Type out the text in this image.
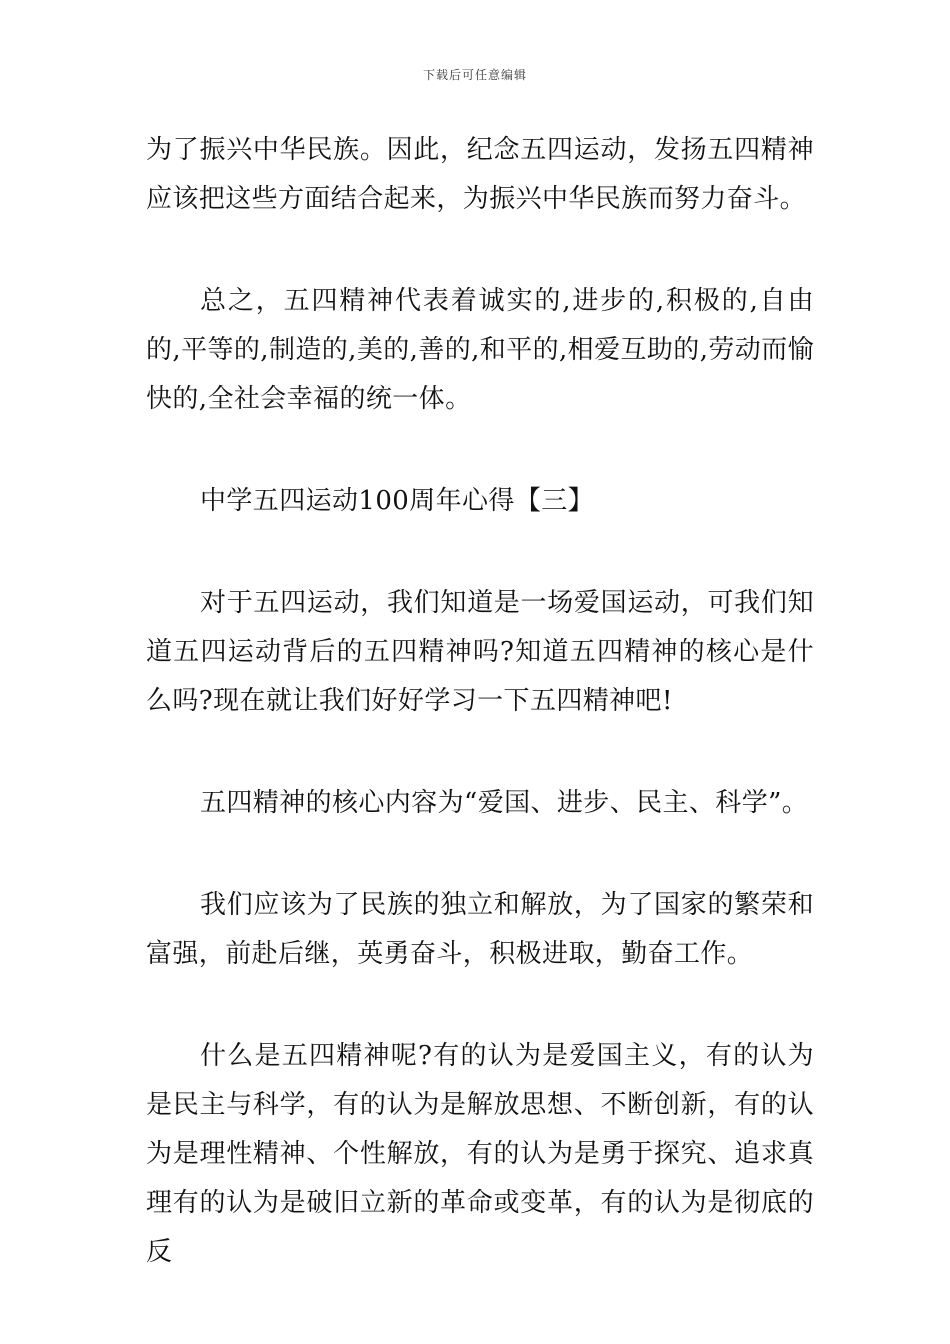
下载后可任意编辑

为了振兴中华民族。因此，纪念五四运动，发扬五四精神应该把这些方面结合起来，为振兴中华民族而努力奋斗。

总之，五四精神代表着诚实的,进步的,积极的,自由的,平等的,制造的,美的,善的,和平的,相爱互助的,劳动而愉快的,全社会幸福的统一体。

中学五四运动100周年心得【三】

对于五四运动，我们知道是一场爱国运动，可我们知道五四运动背后的五四精神吗?知道五四精神的核心是什么吗?现在就让我们好好学习一下五四精神吧!

五四精神的核心内容为“爱国、进步、民主、科学”。

我们应该为了民族的独立和解放，为了国家的繁荣和富强，前赴后继，英勇奋斗，积极进取，勤奋工作。

什么是五四精神呢?有的认为是爱国主义，有的认为是民主与科学，有的认为是解放思想、不断创新，有的认为是理性精神、个性解放，有的认为是勇于探究、追求真理有的认为是破旧立新的革命或变革，有的认为是彻底的反
